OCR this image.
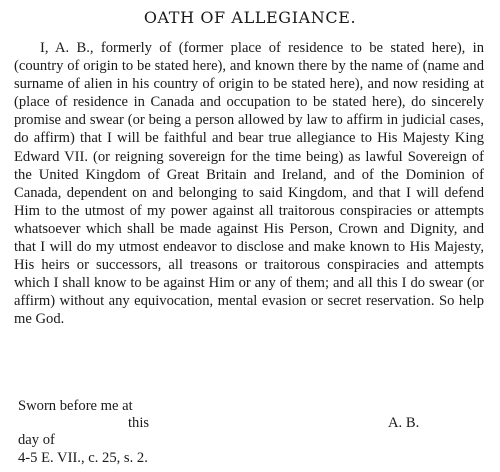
OATH OF ALLEGIANCE.

I, A. B., formerly of (former place of residence to be stated here), in (country of origin to be stated here), and known there by the name of (name and surname of alien in his country of origin to be stated here), and now residing at (place of residence in Canada and occupation to be stated here), do sincerely promise and swear (or being a person allowed by law to affirm in judicial cases, do affirm) that I will be faithful and bear true allegiance to His Majesty King Edward VII. (or reigning sovereign for the time being) as lawful Sovereign of the United Kingdom of Great Britain and Ireland, and of the Dominion of Canada, dependent on and belonging to said Kingdom, and that I will defend Him to the utmost of my power against all traitorous conspiracies or attempts whatsoever which shall be made against His Person, Crown and Dignity, and that I will do my utmost endeavor to disclose and make known to His Majesty, His heirs or successors, all treasons or traitorous conspiracies and attempts which I shall know to be against Him or any of them; and all this I do swear (or affirm) without any equivocation, mental evasion or secret reservation. So help me God.

Sworn before me at

this	A. B.

day of

4-5 E. VII., c. 25, s. 2.
